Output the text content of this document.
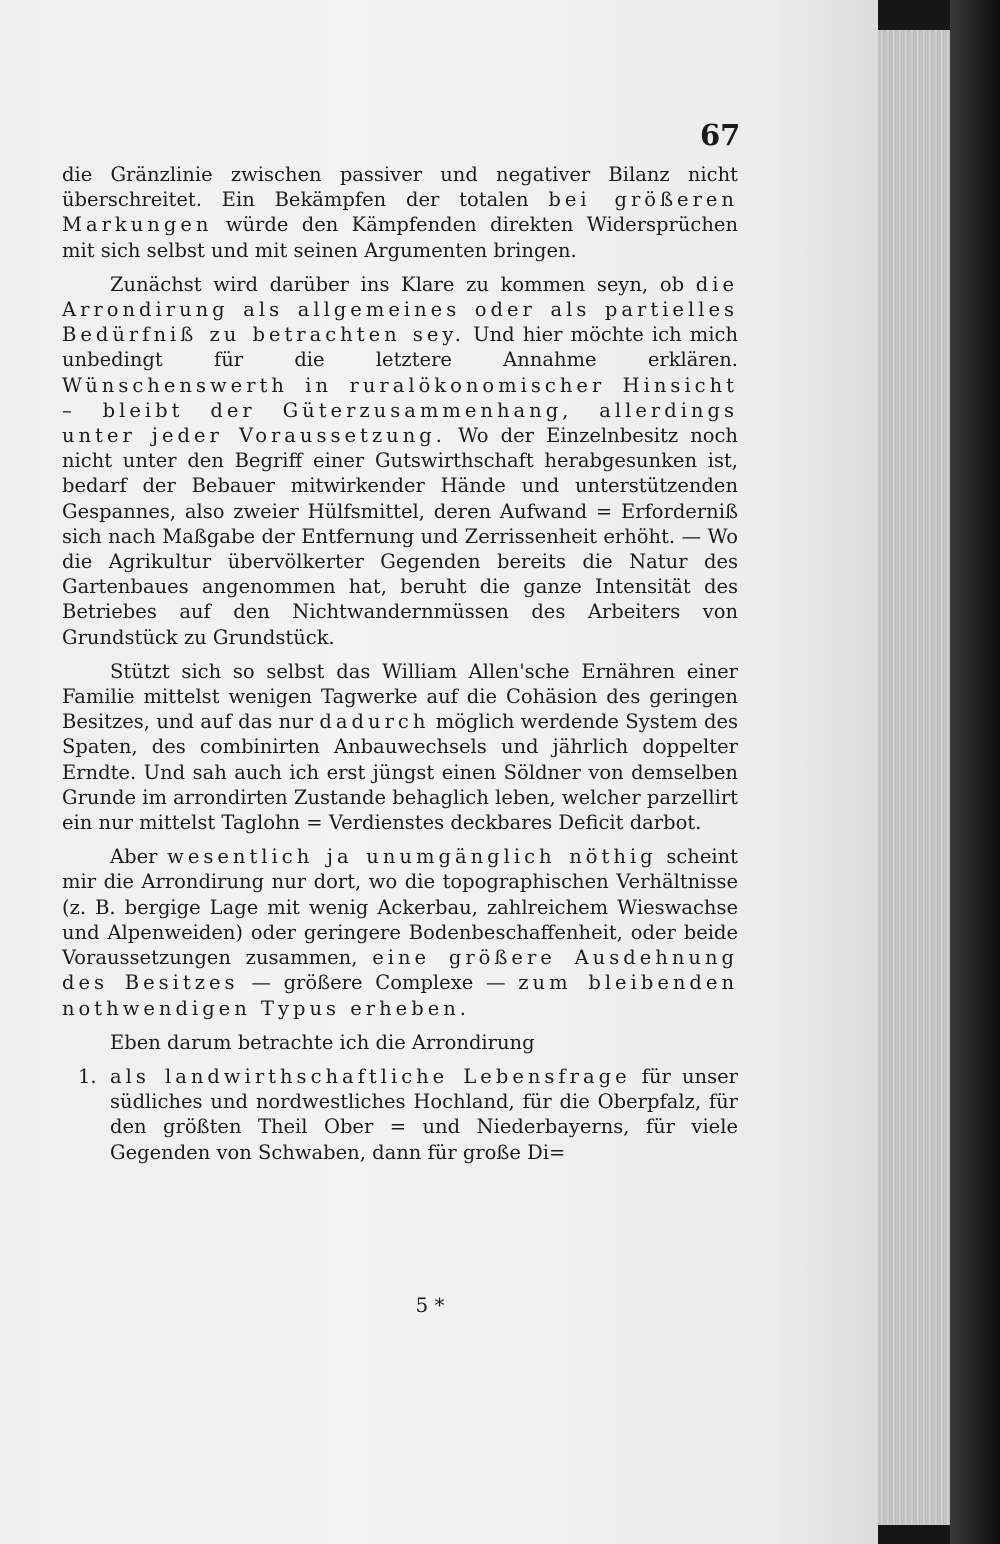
67

die Gränzlinie zwischen passiver und negativer Bilanz nicht überschreitet. Ein Bekämpfen der totalen bei größeren Markungen würde den Kämpfenden direkten Widersprüchen mit sich selbst und mit seinen Argumenten bringen.

Zunächst wird darüber ins Klare zu kommen seyn, ob die Arrondirung als allgemeines oder als partielles Bedürfniß zu betrachten sey. Und hier möchte ich mich unbedingt für die letztere Annahme erklären. Wünschenswerth in ruralökonomischer Hinsicht – bleibt der Güterzusammenhang, allerdings unter jeder Voraussetzung. Wo der Einzelnbesitz noch nicht unter den Begriff einer Gutswirthschaft herabgesunken ist, bedarf der Bebauer mitwirkender Hände und unterstützenden Gespannes, also zweier Hülfsmittel, deren Aufwand = Erforderniß sich nach Maßgabe der Entfernung und Zerrissenheit erhöht. — Wo die Agrikultur übervölkerter Gegenden bereits die Natur des Gartenbaues angenommen hat, beruht die ganze Intensität des Betriebes auf den Nichtwandernmüssen des Arbeiters von Grundstück zu Grundstück.

Stützt sich so selbst das William Allen'sche Ernähren einer Familie mittelst wenigen Tagwerke auf die Cohäsion des geringen Besitzes, und auf das nur dadurch möglich werdende System des Spaten, des combinirten Anbauwechsels und jährlich doppelter Erndte. Und sah auch ich erst jüngst einen Söldner von demselben Grunde im arrondirten Zustande behaglich leben, welcher parzellirt ein nur mittelst Taglohn = Verdienstes deckbares Deficit darbot.

Aber wesentlich ja unumgänglich nöthig scheint mir die Arrondirung nur dort, wo die topographischen Verhältnisse (z. B. bergige Lage mit wenig Ackerbau, zahlreichem Wieswachse und Alpenweiden) oder geringere Bodenbeschaffenheit, oder beide Voraussetzungen zusammen, eine größere Ausdehnung des Besitzes — größere Complexe — zum bleibenden nothwendigen Typus erheben.

Eben darum betrachte ich die Arrondirung

1. als landwirthschaftliche Lebensfrage für unser südliches und nordwestliches Hochland, für die Oberpfalz, für den größten Theil Ober = und Niederbayerns, für viele Gegenden von Schwaben, dann für große Di=
5 *
